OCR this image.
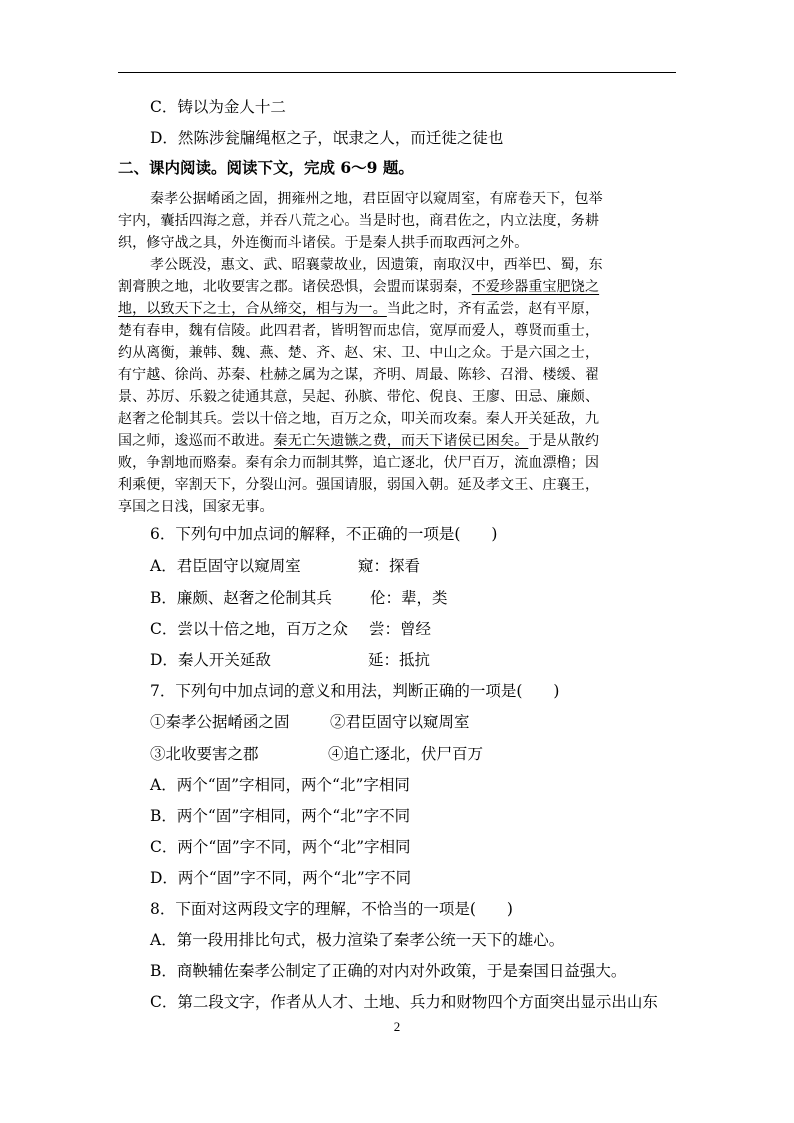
C．铸以为金人十二
D．然陈涉瓮牖绳枢之子，氓隶之人，而迁徙之徒也
二、课内阅读。阅读下文，完成 6～9 题。
秦孝公据崤函之固，拥雍州之地，君臣固守以窥周室，有席卷天下，包举
宇内，囊括四海之意，并吞八荒之心。当是时也，商君佐之，内立法度，务耕
织，修守战之具，外连衡而斗诸侯。于是秦人拱手而取西河之外。
孝公既没，惠文、武、昭襄蒙故业，因遗策，南取汉中，西举巴、蜀，东
割膏腴之地，北收要害之郡。诸侯恐惧，会盟而谋弱秦，不爱珍器重宝肥饶之
地，以致天下之士，合从缔交，相与为一。当此之时，齐有孟尝，赵有平原，
楚有春申，魏有信陵。此四君者，皆明智而忠信，宽厚而爱人，尊贤而重士，
约从离衡，兼韩、魏、燕、楚、齐、赵、宋、卫、中山之众。于是六国之士，
有宁越、徐尚、苏秦、杜赫之属为之谋，齐明、周最、陈轸、召滑、楼缓、翟
景、苏厉、乐毅之徒通其意，吴起、孙膑、带佗、倪良、王廖、田忌、廉颇、
赵奢之伦制其兵。尝以十倍之地，百万之众，叩关而攻秦。秦人开关延敌，九
国之师，逡巡而不敢进。秦无亡矢遗镞之费，而天下诸侯已困矣。于是从散约
败，争割地而赂秦。秦有余力而制其弊，追亡逐北，伏尸百万，流血漂橹；因
利乘便，宰割天下，分裂山河。强国请服，弱国入朝。延及孝文王、庄襄王，
享国之日浅，国家无事。
6．下列句中加点词的解释，不正确的一项是(　　)
A．君臣固守以窥周室	窥：探看
B．廉颇、赵奢之伦制其兵 伦：辈，类
C．尝以十倍之地，百万之众 尝：曾经
D．秦人开关延敌	延：抵抗
7．下列句中加点词的意义和用法，判断正确的一项是(　　)
①秦孝公据崤函之固	②君臣固守以窥周室
③北收要害之郡	④追亡逐北，伏尸百万
A．两个“固”字相同，两个“北”字相同
B．两个“固”字相同，两个“北”字不同
C．两个“固”字不同，两个“北”字相同
D．两个“固”字不同，两个“北”字不同
8．下面对这两段文字的理解，不恰当的一项是(　　)
A．第一段用排比句式，极力渲染了秦孝公统一天下的雄心。
B．商鞅辅佐秦孝公制定了正确的对内对外政策，于是秦国日益强大。
C．第二段文字，作者从人才、土地、兵力和财物四个方面突出显示出山东
2
